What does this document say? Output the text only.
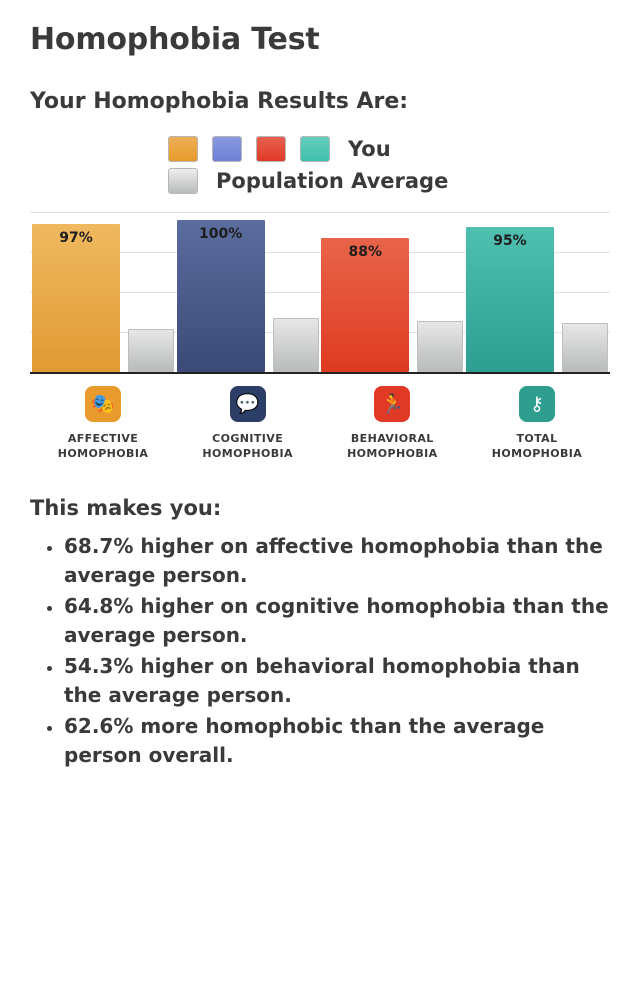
Homophobia Test
Your Homophobia Results Are:
You
Population Average
97%	100%
88%
95%
🎭
AFFECTIVE
HOMOPHOBIA
💬
COGNITIVE
HOMOPHOBIA
🏃
BEHAVIORAL
HOMOPHOBIA
⚷
TOTAL
HOMOPHOBIA
This makes you:
• 68.7% higher on affective homophobia than the average person.
• 64.8% higher on cognitive homophobia than the average person.
• 54.3% higher on behavioral homophobia than the average person.
• 62.6% more homophobic than the average person overall.
